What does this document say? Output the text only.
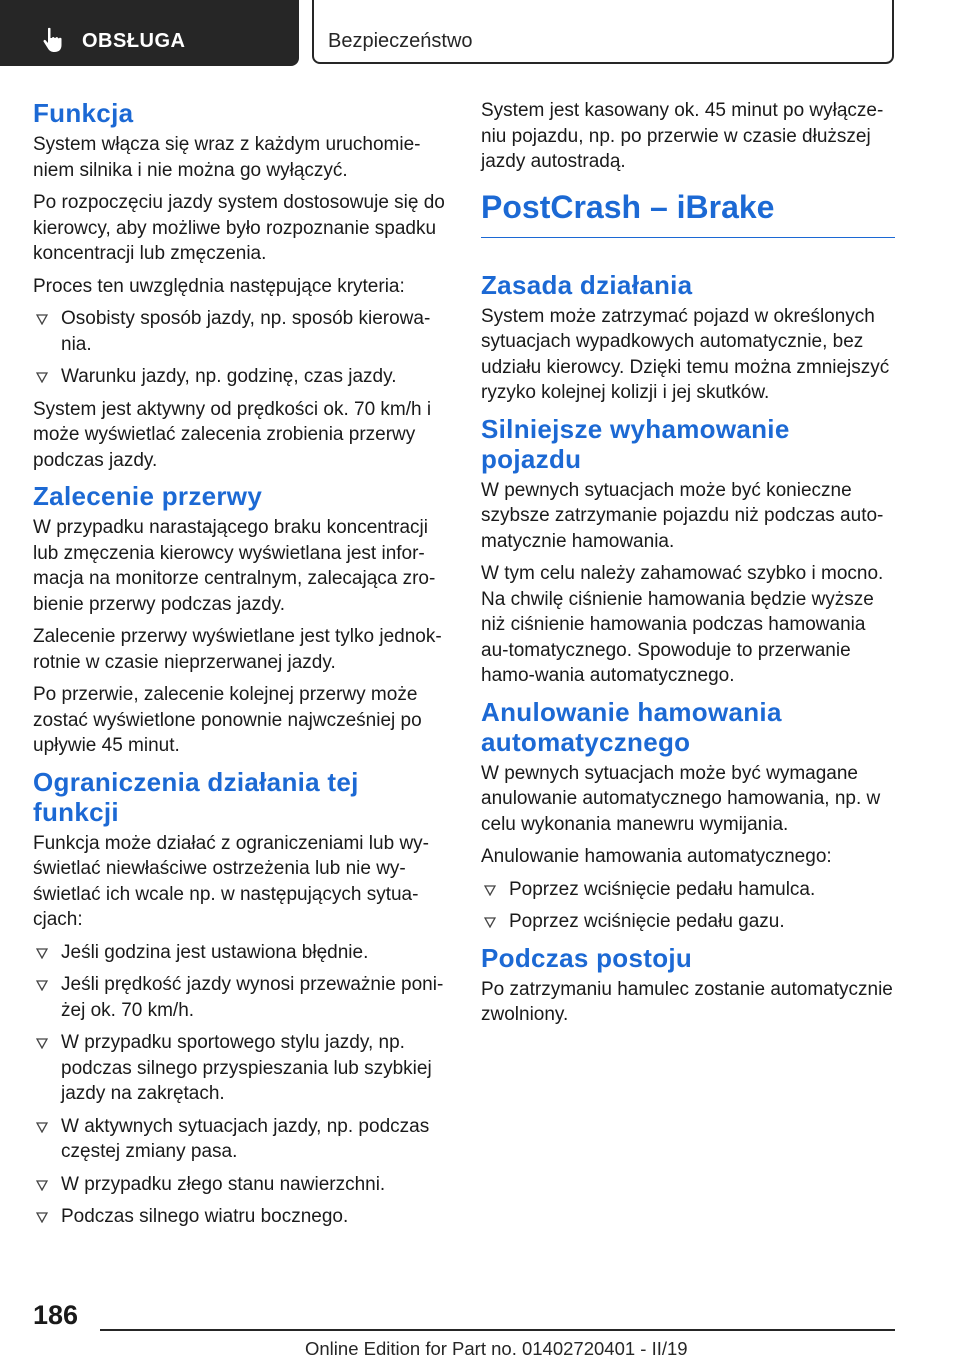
OBSŁUGA	Bezpieczeństwo
Funkcja

System włącza się wraz z każdym uruchomie-niem silnika i nie można go wyłączyć.

Po rozpoczęciu jazdy system dostosowuje się do kierowcy, aby możliwe było rozpoznanie spadku koncentracji lub zmęczenia.

Proces ten uwzględnia następujące kryteria:

Osobisty sposób jazdy, np. sposób kierowa-nia.
Warunku jazdy, np. godzinę, czas jazdy.

System jest aktywny od prędkości ok. 70 km/h i może wyświetlać zalecenia zrobienia przerwy podczas jazdy.

Zalecenie przerwy

W przypadku narastającego braku koncentracji lub zmęczenia kierowcy wyświetlana jest infor-macja na monitorze centralnym, zalecająca zro-bienie przerwy podczas jazdy.

Zalecenie przerwy wyświetlane jest tylko jednok-rotnie w czasie nieprzerwanej jazdy.

Po przerwie, zalecenie kolejnej przerwy może zostać wyświetlone ponownie najwcześniej po upływie 45 minut.

Ograniczenia działania tej funkcji

Funkcja może działać z ograniczeniami lub wy-świetlać niewłaściwe ostrzeżenia lub nie wy-świetlać ich wcale np. w następujących sytua-cjach:

Jeśli godzina jest ustawiona błędnie.
Jeśli prędkość jazdy wynosi przeważnie poni-żej ok. 70 km/h.
W przypadku sportowego stylu jazdy, np. podczas silnego przyspieszania lub szybkiej jazdy na zakrętach.
W aktywnych sytuacjach jazdy, np. podczas częstej zmiany pasa.
W przypadku złego stanu nawierzchni.
Podczas silnego wiatru bocznego.

System jest kasowany ok. 45 minut po wyłącze-niu pojazdu, np. po przerwie w czasie dłuższej jazdy autostradą.

PostCrash – iBrake
Zasada działania

System może zatrzymać pojazd w określonych sytuacjach wypadkowych automatycznie, bez udziału kierowcy. Dzięki temu można zmniejszyć ryzyko kolejnej kolizji i jej skutków.

Silniejsze wyhamowanie pojazdu

W pewnych sytuacjach może być konieczne szybsze zatrzymanie pojazdu niż podczas auto-matycznie hamowania.

W tym celu należy zahamować szybko i mocno. Na chwilę ciśnienie hamowania będzie wyższe niż ciśnienie hamowania podczas hamowania au-tomatycznego. Spowoduje to przerwanie hamo-wania automatycznego.

Anulowanie hamowania automatycznego

W pewnych sytuacjach może być wymagane anulowanie automatycznego hamowania, np. w celu wykonania manewru wymijania.

Anulowanie hamowania automatycznego:

Poprzez wciśnięcie pedału hamulca.
Poprzez wciśnięcie pedału gazu.
Podczas postoju

Po zatrzymaniu hamulec zostanie automatycznie zwolniony.

186
Online Edition for Part no. 01402720401 - II/19
